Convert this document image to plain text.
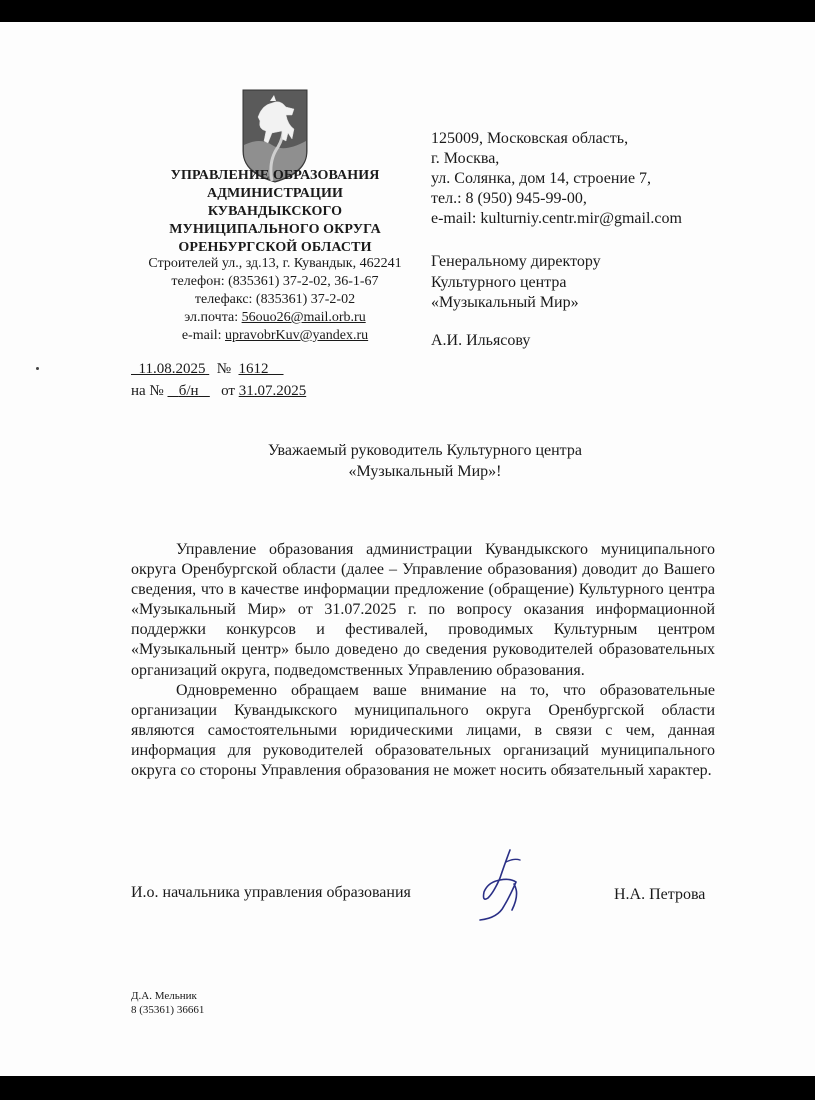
УПРАВЛЕНИЕ ОБРАЗОВАНИЯ
АДМИНИСТРАЦИИ
КУВАНДЫКСКОГО
МУНИЦИПАЛЬНОГО ОКРУГА
ОРЕНБУРГСКОЙ ОБЛАСТИ
Строителей ул., зд.13, г. Кувандык, 462241
телефон: (835361) 37-2-02, 36-1-67
телефакс: (835361) 37-2-02
эл.почта: 56ouo26@mail.orb.ru
e-mail: upravobrKuv@yandex.ru
11.08.2025 № 1612
на № б/н от 31.07.2025
125009, Московская область,
г. Москва,
ул. Солянка, дом 14, строение 7,
тел.: 8 (950) 945-99-00,
e-mail: kulturniy.centr.mir@gmail.com
Генеральному директору
Культурного центра
«Музыкальный Мир»
А.И. Ильясову
Уважаемый руководитель Культурного центра
«Музыкальный Мир»!

Управление образования администрации Кувандыкского муниципального округа Оренбургской области (далее – Управление образования) доводит до Вашего сведения, что в качестве информации предложение (обращение) Культурного центра «Музыкальный Мир» от 31.07.2025 г. по вопросу оказания информационной поддержки конкурсов и фестивалей, проводимых Культурным центром «Музыкальный центр» было доведено до сведения руководителей образовательных организаций округа, подведомственных Управлению образования.

Одновременно обращаем ваше внимание на то, что образовательные организации Кувандыкского муниципального округа Оренбургской области являются самостоятельными юридическими лицами, в связи с чем, данная информация для руководителей образовательных организаций муниципального округа со стороны Управления образования не может носить обязательный характер.

И.о. начальника управления образования	Н.А. Петрова
Д.А. Мельник
8 (35361) 36661
